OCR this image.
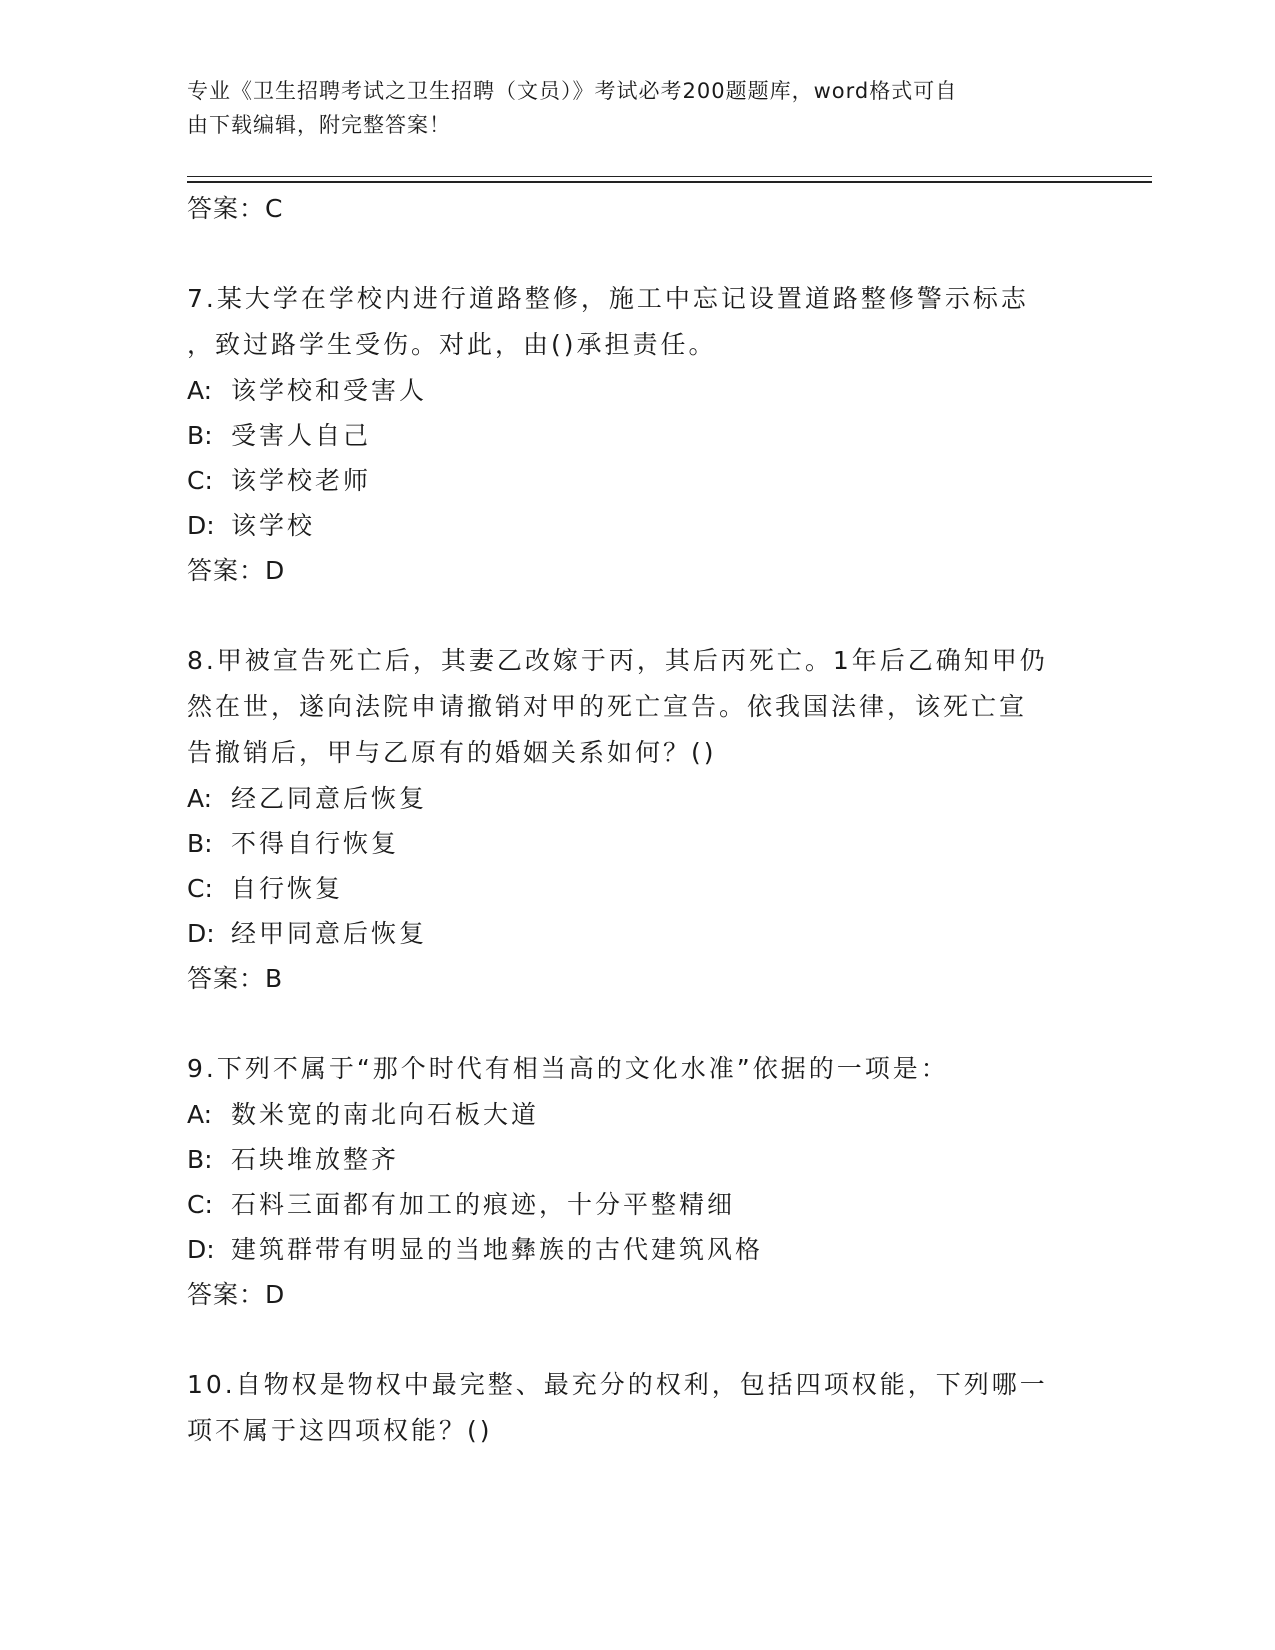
专业《卫生招聘考试之卫生招聘（文员）》考试必考200题题库，word格式可自
由下载编辑，附完整答案！
答案：C
7.某大学在学校内进行道路整修，施工中忘记设置道路整修警示标志
，致过路学生受伤。对此，由()承担责任。
A: 该学校和受害人
B: 受害人自己
C: 该学校老师
D: 该学校
答案：D
8.甲被宣告死亡后，其妻乙改嫁于丙，其后丙死亡。1年后乙确知甲仍
然在世，遂向法院申请撤销对甲的死亡宣告。依我国法律，该死亡宣
告撤销后，甲与乙原有的婚姻关系如何？()
A: 经乙同意后恢复
B: 不得自行恢复
C: 自行恢复
D: 经甲同意后恢复
答案：B
9.下列不属于“那个时代有相当高的文化水准”依据的一项是：
A: 数米宽的南北向石板大道
B: 石块堆放整齐
C: 石料三面都有加工的痕迹，十分平整精细
D: 建筑群带有明显的当地彝族的古代建筑风格
答案：D
10.自物权是物权中最完整、最充分的权利，包括四项权能，下列哪一
项不属于这四项权能？()
